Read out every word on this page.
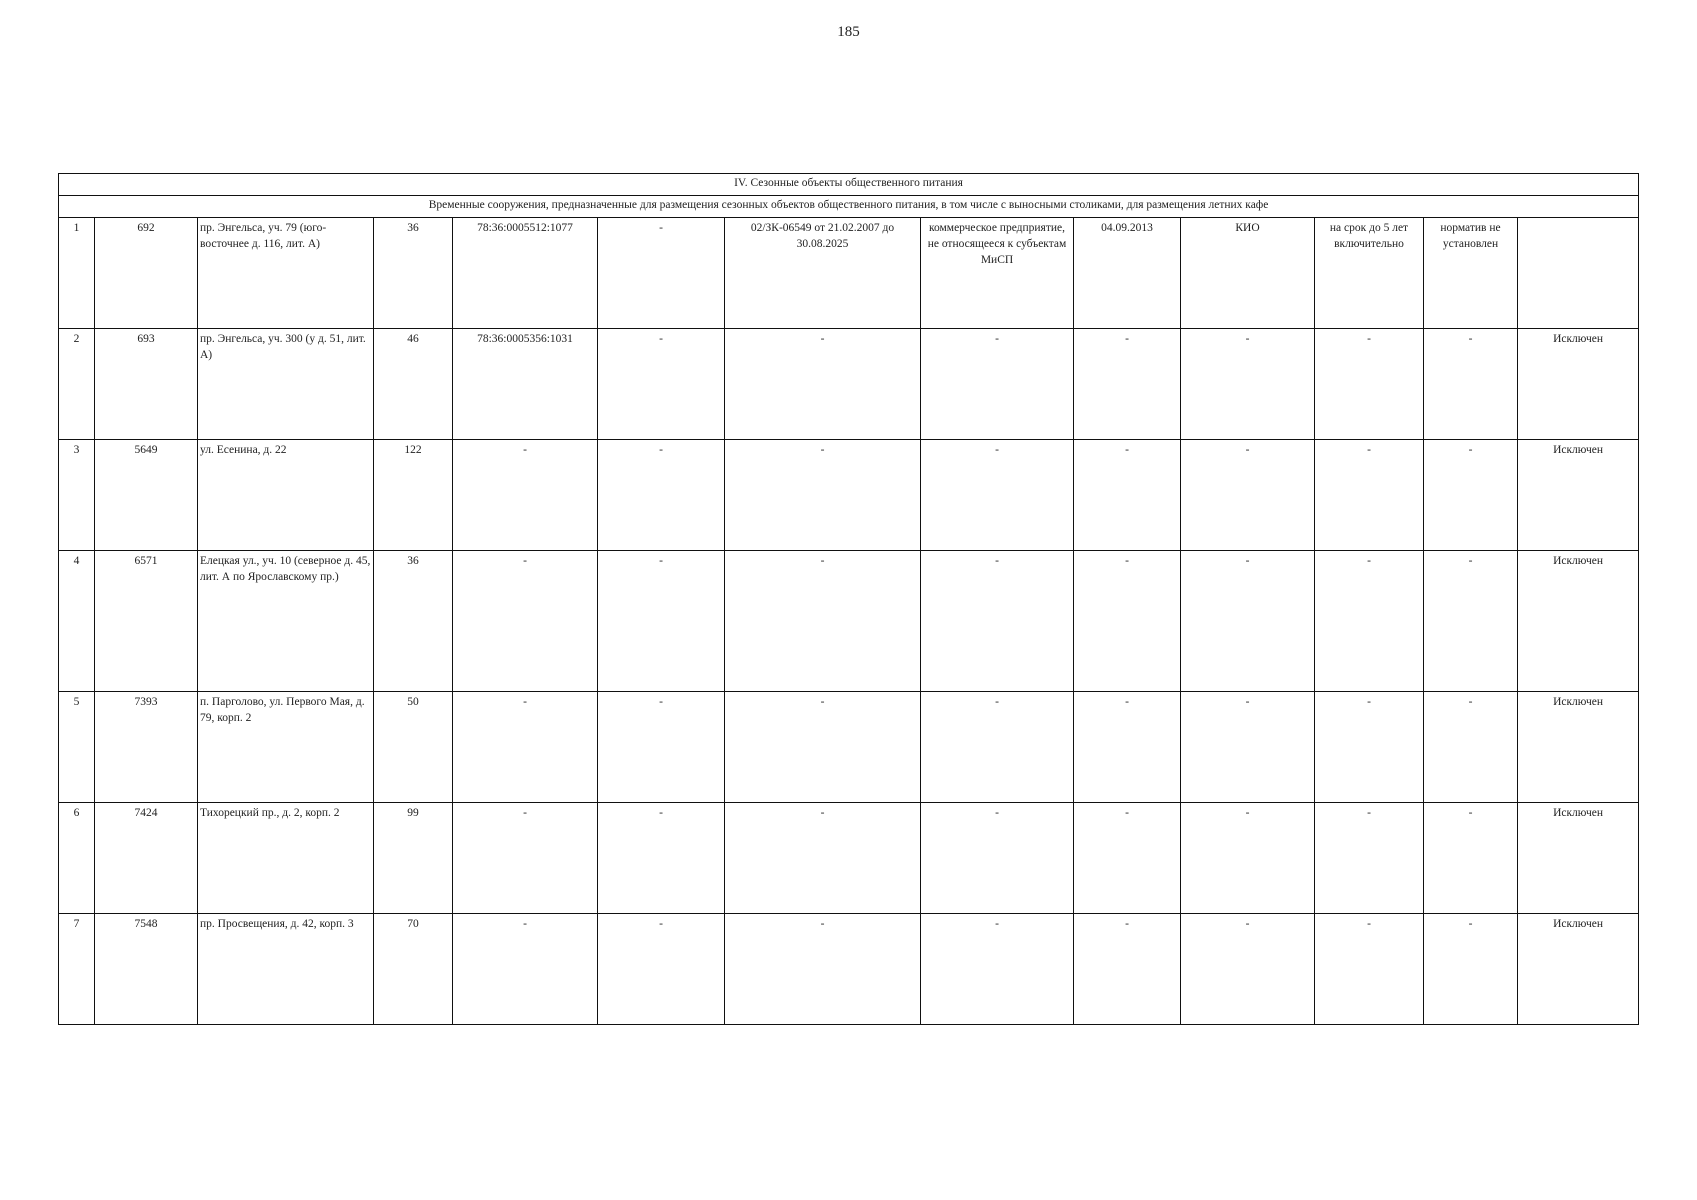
185
IV. Сезонные объекты общественного питания												
Временные сооружения, предназначенные для размещения сезонных объектов общественного питания, в том числе с выносными столиками, для размещения летних кафе												
1	692	пр. Энгельса, уч. 79 (юго-восточнее д. 116, лит. А)	36	78:36:0005512:1077	-	02/ЗК-06549 от 21.02.2007 до 30.08.2025	коммерческое предприятие, не относящееся к субъектам МиСП	04.09.2013	КИО	на срок до 5 лет включительно	норматив не установлен	
2	693	пр. Энгельса, уч. 300 (у д. 51, лит. А)	46	78:36:0005356:1031	-	-	-	-	-	-	-	Исключен
3	5649	ул. Есенина, д. 22	122	-	-	-	-	-	-	-	-	Исключен
4	6571	Елецкая ул., уч. 10 (северное д. 45, лит. А по Ярославскому пр.)	36	-	-	-	-	-	-	-	-	Исключен
5	7393	п. Парголово, ул. Первого Мая, д. 79, корп. 2	50	-	-	-	-	-	-	-	-	Исключен
6	7424	Тихорецкий пр., д. 2, корп. 2	99	-	-	-	-	-	-	-	-	Исключен
7	7548	пр. Просвещения, д. 42, корп. 3	70	-	-	-	-	-	-	-	-	Исключен
